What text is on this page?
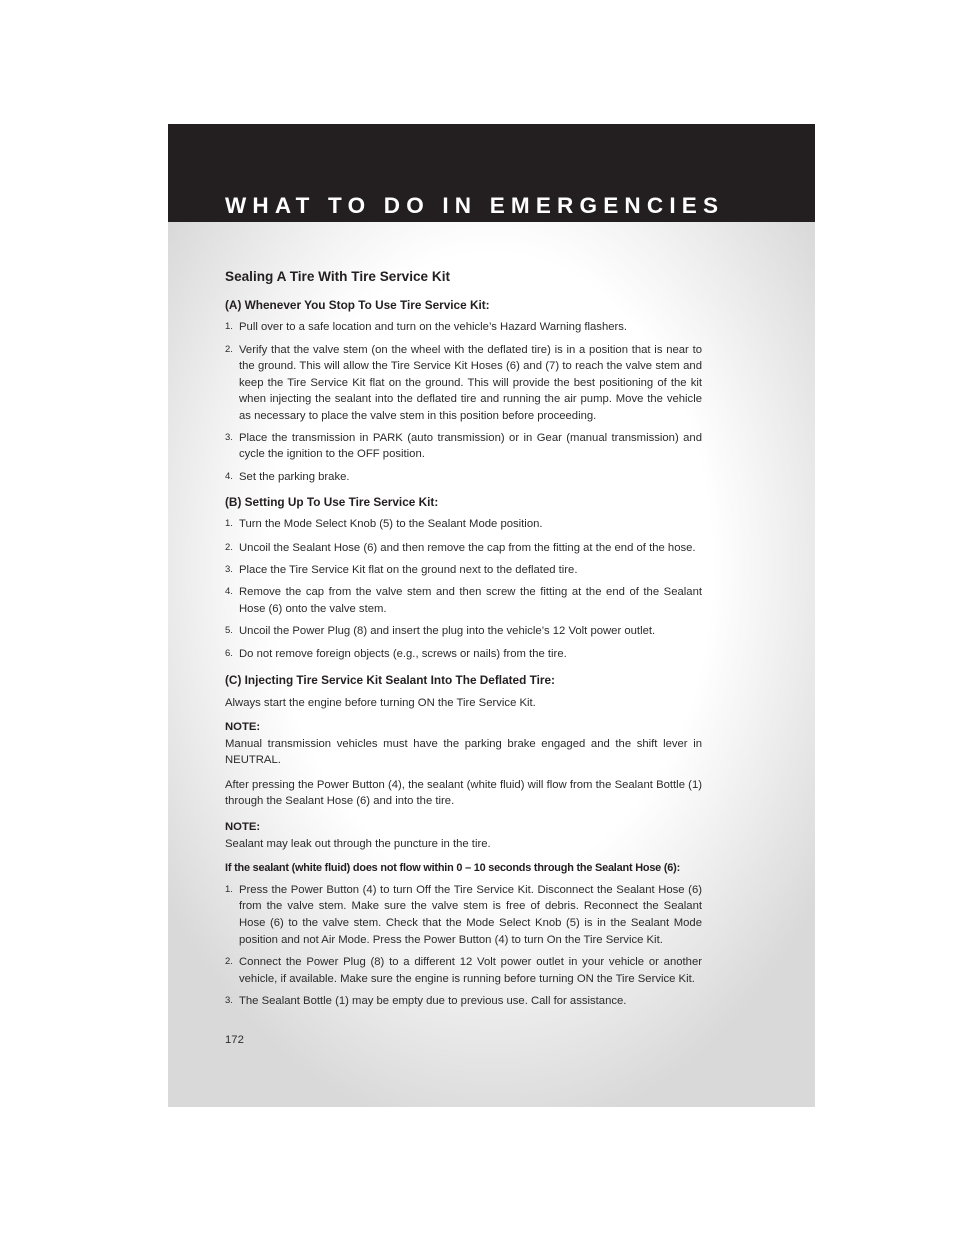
WHAT TO DO IN EMERGENCIES
Sealing A Tire With Tire Service Kit
(A) Whenever You Stop To Use Tire Service Kit:
1. Pull over to a safe location and turn on the vehicle’s Hazard Warning flashers.
2. Verify that the valve stem (on the wheel with the deflated tire) is in a position that is near to the ground. This will allow the Tire Service Kit Hoses (6) and (7) to reach the valve stem and keep the Tire Service Kit flat on the ground. This will provide the best positioning of the kit when injecting the sealant into the deflated tire and running the air pump. Move the vehicle as necessary to place the valve stem in this position before proceeding.
3. Place the transmission in PARK (auto transmission) or in Gear (manual transmission) and cycle the ignition to the OFF position.
4. Set the parking brake.
(B) Setting Up To Use Tire Service Kit:
1. Turn the Mode Select Knob (5) to the Sealant Mode position.
2. Uncoil the Sealant Hose (6) and then remove the cap from the fitting at the end of the hose.
3. Place the Tire Service Kit flat on the ground next to the deflated tire.
4. Remove the cap from the valve stem and then screw the fitting at the end of the Sealant Hose (6) onto the valve stem.
5. Uncoil the Power Plug (8) and insert the plug into the vehicle’s 12 Volt power outlet.
6. Do not remove foreign objects (e.g., screws or nails) from the tire.
(C) Injecting Tire Service Kit Sealant Into The Deflated Tire:

Always start the engine before turning ON the Tire Service Kit.

NOTE:

Manual transmission vehicles must have the parking brake engaged and the shift lever in NEUTRAL.

After pressing the Power Button (4), the sealant (white fluid) will flow from the Sealant Bottle (1) through the Sealant Hose (6) and into the tire.

NOTE:

Sealant may leak out through the puncture in the tire.

If the sealant (white fluid) does not flow within 0 – 10 seconds through the Sealant Hose (6):

1. Press the Power Button (4) to turn Off the Tire Service Kit. Disconnect the Sealant Hose (6) from the valve stem. Make sure the valve stem is free of debris. Reconnect the Sealant Hose (6) to the valve stem. Check that the Mode Select Knob (5) is in the Sealant Mode position and not Air Mode. Press the Power Button (4) to turn On the Tire Service Kit.
2. Connect the Power Plug (8) to a different 12 Volt power outlet in your vehicle or another vehicle, if available. Make sure the engine is running before turning ON the Tire Service Kit.
3. The Sealant Bottle (1) may be empty due to previous use. Call for assistance.
172
